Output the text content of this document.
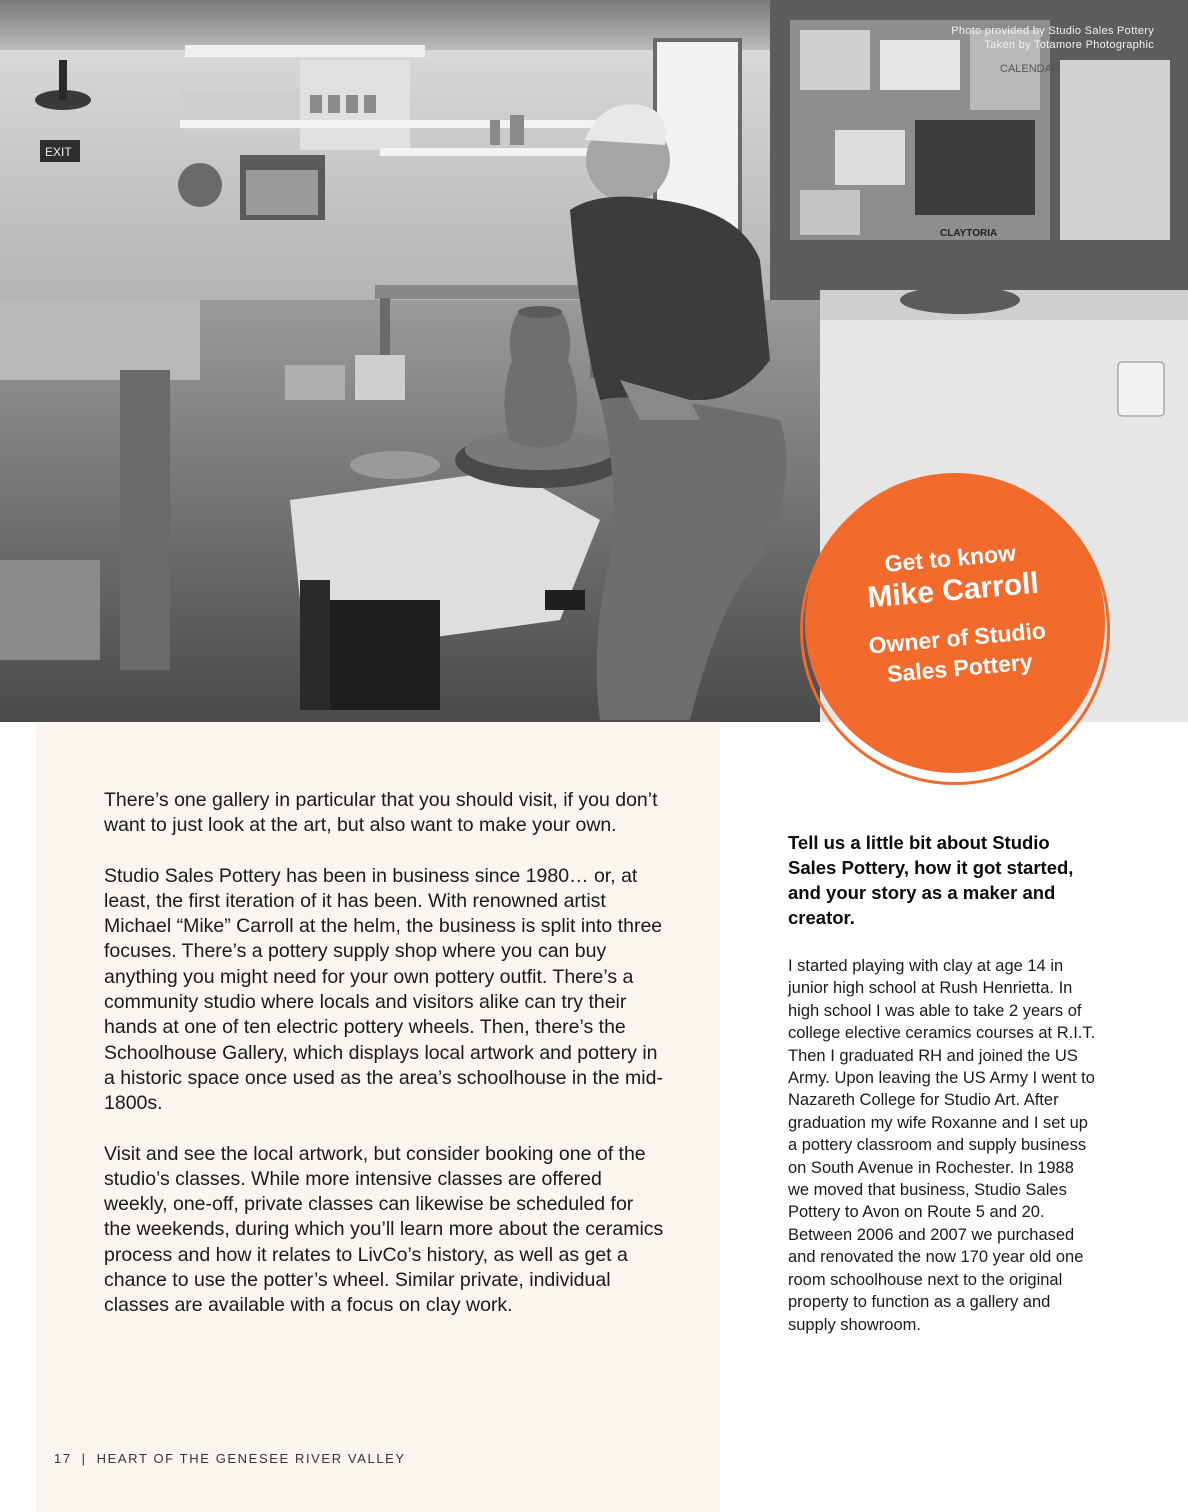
CALENDAR
CLAYTORIA
EXIT
Photo provided by Studio Sales Pottery
Taken by Totamore Photographic
Get to know
Mike Carroll
Owner of Studio
Sales Pottery

There’s one gallery in particular that you should visit, if you don’t want to just look at the art, but also want to make your own.

Studio Sales Pottery has been in business since 1980… or, at least, the first iteration of it has been. With renowned artist Michael “Mike” Carroll at the helm, the business is split into three focuses. There’s a pottery supply shop where you can buy anything you might need for your own pottery outfit. There’s a community studio where locals and visitors alike can try their hands at one of ten electric pottery wheels. Then, there’s the Schoolhouse Gallery, which displays local artwork and pottery in a historic space once used as the area’s schoolhouse in the mid-1800s.

Visit and see the local artwork, but consider booking one of the studio’s classes. While more intensive classes are offered weekly, one-off, private classes can likewise be scheduled for the weekends, during which you’ll learn more about the ceramics process and how it relates to LivCo’s history, as well as get a chance to use the potter’s wheel. Similar private, individual classes are available with a focus on clay work.

Tell us a little bit about Studio Sales Pottery, how it got started, and your story as a maker and creator.

I started playing with clay at age 14 in junior high school at Rush Henrietta. In high school I was able to take 2 years of college elective ceramics courses at R.I.T. Then I graduated RH and joined the US Army. Upon leaving the US Army I went to Nazareth College for Studio Art. After graduation my wife Roxanne and I set up a pottery classroom and supply business on South Avenue in Rochester. In 1988 we moved that business, Studio Sales Pottery to Avon on Route 5 and 20. Between 2006 and 2007 we purchased and renovated the now 170 year old one room schoolhouse next to the original property to function as a gallery and supply showroom.

17 | HEART OF THE GENESEE RIVER VALLEY
